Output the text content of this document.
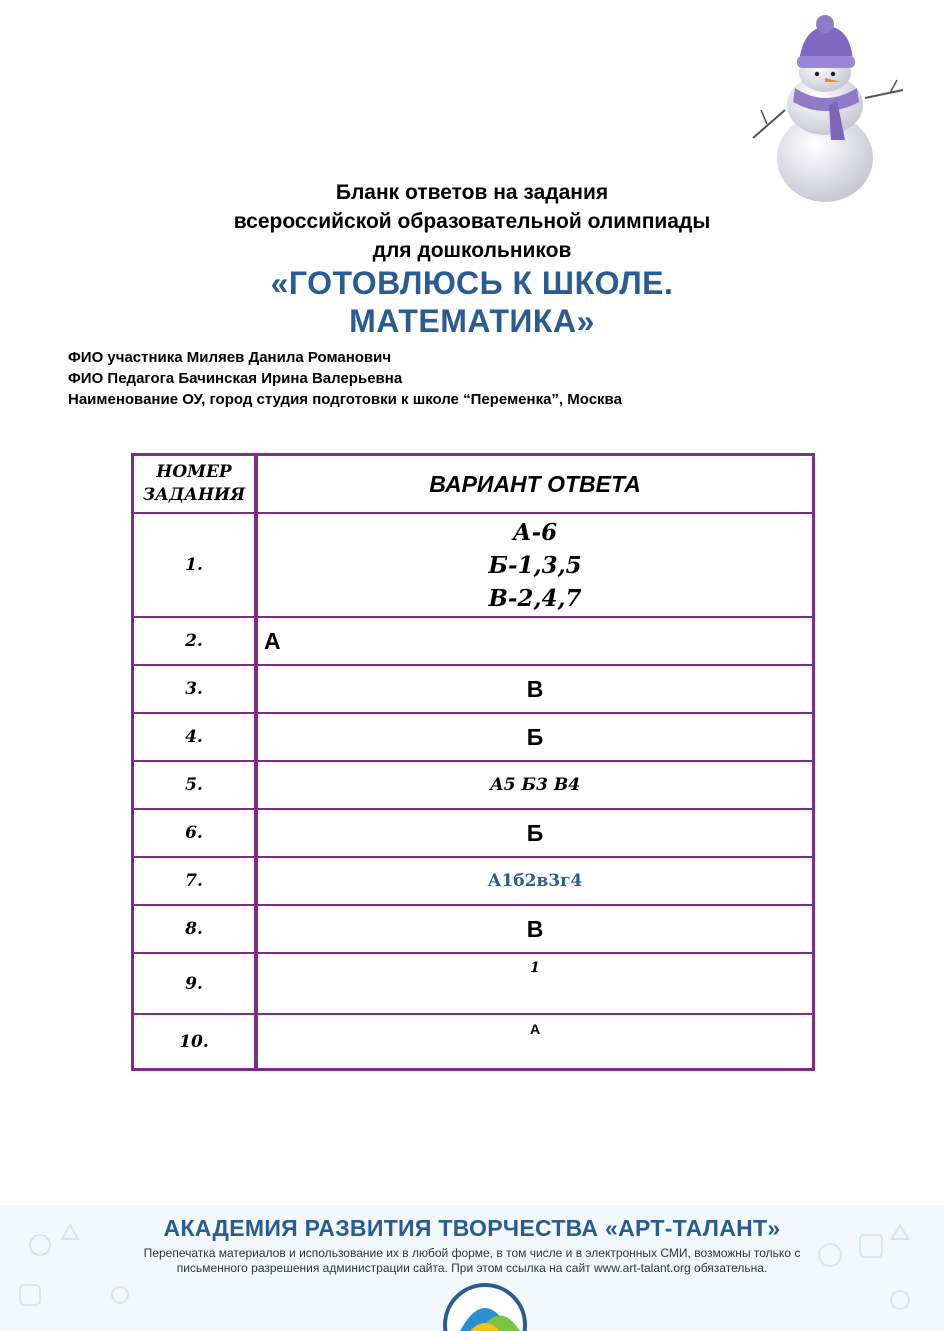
Бланк ответов на задания
всероссийской образовательной олимпиады
для дошкольников
«ГОТОВЛЮСЬ К ШКОЛЕ.
МАТЕМАТИКА»
ФИО участника Миляев Данила Романович
ФИО Педагога Бачинская Ирина Валерьевна
Наименование ОУ, город студия подготовки к школе “Переменка”, Москва
НОМЕР
ЗАДАНИЯ	ВАРИАНТ ОТВЕТА
1.	А-6
Б-1,3,5
В-2,4,7

2.	А
3.	В
4.	Б
5.	А5 Б3 В4
6.	Б
7.	А1б2в3г4
8.	В
9.	1
10.	А
АКАДЕМИЯ РАЗВИТИЯ ТВОРЧЕСТВА «АРТ-ТАЛАНТ»
Перепечатка материалов и использование их в любой форме, в том числе и в электронных СМИ, возможны только с
письменного разрешения администрации сайта. При этом ссылка на сайт www.art-talant.org обязательна.
